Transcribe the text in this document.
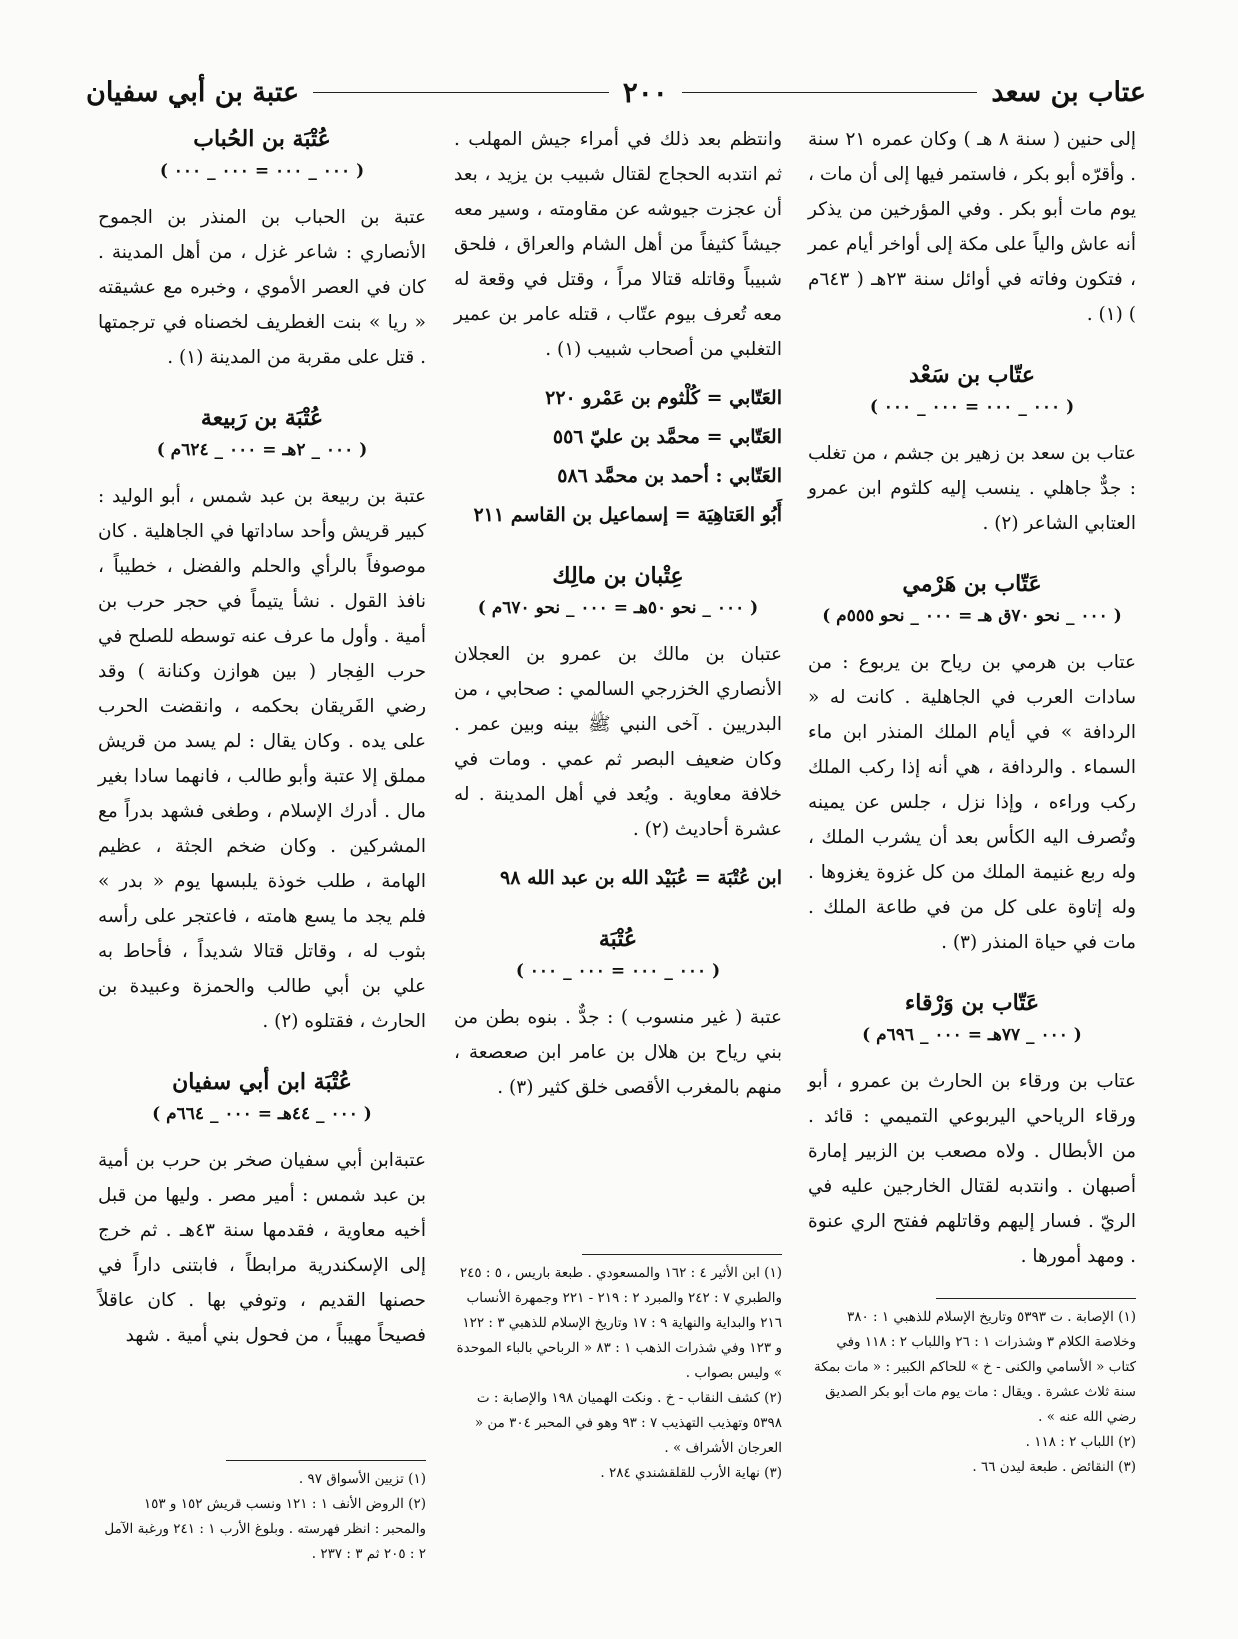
عتاب بن سعد
٢٠٠
عتبة بن أبي سفيان

إلى حنين ( سنة ٨ هـ ) وكان عمره ٢١ سنة . وأقرّه أبو بكر ، فاستمر فيها إلى أن مات ، يوم مات أبو بكر . وفي المؤرخين من يذكر أنه عاش والياً على مكة إلى أواخر أيام عمر ، فتكون وفاته في أوائل سنة ٢٣هـ ( ٦٤٣م ) (١) .

عتّاب بن سَعْد
( ٠٠٠ _ ٠٠٠ = ٠٠٠ _ ٠٠٠ )

عتاب بن سعد بن زهير بن جشم ، من تغلب : جدٌّ جاهلي . ينسب إليه كلثوم ابن عمرو العتابي الشاعر (٢) .

عَتّاب بن هَرْمي
( ٠٠٠ _ نحو ٧٠ق هـ = ٠٠٠ _ نحو ٥٥٥م )

عتاب بن هرمي بن رياح بن يربوع : من سادات العرب في الجاهلية . كانت له « الردافة » في أيام الملك المنذر ابن ماء السماء . والردافة ، هي أنه إذا ركب الملك ركب وراءه ، وإذا نزل ، جلس عن يمينه وتُصرف اليه الكأس بعد أن يشرب الملك ، وله ربع غنيمة الملك من كل غزوة يغزوها . وله إتاوة على كل من في طاعة الملك . مات في حياة المنذر (٣) .

عَتّاب بن وَرْقاء
( ٠٠٠ _ ٧٧هـ = ٠٠٠ _ ٦٩٦م )

عتاب بن ورقاء بن الحارث بن عمرو ، أبو ورقاء الرياحي اليربوعي التميمي : قائد . من الأبطال . ولاه مصعب بن الزبير إمارة أصبهان . وانتدبه لقتال الخارجين عليه في الريّ . فسار إليهم وقاتلهم ففتح الري عنوة . ومهد أمورها .

وانتظم بعد ذلك في أمراء جيش المهلب . ثم انتدبه الحجاج لقتال شبيب بن يزيد ، بعد أن عجزت جيوشه عن مقاومته ، وسير معه جيشاً كثيفاً من أهل الشام والعراق ، فلحق شبيباً وقاتله قتالا مراً ، وقتل في وقعة له معه تُعرف بيوم عتّاب ، قتله عامر بن عمير التغلبي من أصحاب شبيب (١) .

العَتّابي = كُلْثوم بن عَمْرو ٢٢٠

العَتّابي = محمَّد بن عليّ ٥٥٦

العَتّابي : أحمد بن محمَّد ٥٨٦

أَبُو العَتاهِيَة = إسماعيل بن القاسم ٢١١

عِتْبان بن مالِك
( ٠٠٠ _ نحو ٥٠هـ = ٠٠٠ _ نحو ٦٧٠م )

عتبان بن مالك بن عمرو بن العجلان الأنصاري الخزرجي السالمي : صحابي ، من البدريين . آخى النبي ﷺ بينه وبين عمر . وكان ضعيف البصر ثم عمي . ومات في خلافة معاوية . ويُعد في أهل المدينة . له عشرة أحاديث (٢) .

ابن عُتْبَة = عُبَيْد الله بن عبد الله ٩٨

عُتْبَة
( ٠٠٠ _ ٠٠٠ = ٠٠٠ _ ٠٠٠ )

عتبة ( غير منسوب ) : جدٌّ . بنوه بطن من بني رياح بن هلال بن عامر ابن صعصعة ، منهم بالمغرب الأقصى خلق كثير (٣) .

عُتْبَة بن الحُباب
( ٠٠٠ _ ٠٠٠ = ٠٠٠ _ ٠٠٠ )

عتبة بن الحباب بن المنذر بن الجموح الأنصاري : شاعر غزل ، من أهل المدينة . كان في العصر الأموي ، وخبره مع عشيقته « ريا » بنت الغطريف لخصناه في ترجمتها . قتل على مقربة من المدينة (١) .

عُتْبَة بن رَبيعة
( ٠٠٠ _ ٢هـ = ٠٠٠ _ ٦٢٤م )

عتبة بن ربيعة بن عبد شمس ، أبو الوليد : كبير قريش وأحد ساداتها في الجاهلية . كان موصوفاً بالرأي والحلم والفضل ، خطيباً ، نافذ القول . نشأ يتيماً في حجر حرب بن أمية . وأول ما عرف عنه توسطه للصلح في حرب الفِجار ( بين هوازن وكنانة ) وقد رضي الفَريقان بحكمه ، وانقضت الحرب على يده . وكان يقال : لم يسد من قريش مملق إلا عتبة وأبو طالب ، فانهما سادا بغير مال . أدرك الإسلام ، وطغى فشهد بدراً مع المشركين . وكان ضخم الجثة ، عظيم الهامة ، طلب خوذة يلبسها يوم « بدر » فلم يجد ما يسع هامته ، فاعتجر على رأسه بثوب له ، وقاتل قتالا شديداً ، فأحاط به علي بن أبي طالب والحمزة وعبيدة بن الحارث ، فقتلوه (٢) .

عُتْبَة ابن أبي سفيان
( ٠٠٠ _ ٤٤هـ = ٠٠٠ _ ٦٦٤م )

عتبةابن أبي سفيان صخر بن حرب بن أمية بن عبد شمس : أمير مصر . وليها من قبل أخيه معاوية ، فقدمها سنة ٤٣هـ . ثم خرج إلى الإسكندرية مرابطاً ، فابتنى داراً في حصنها القديم ، وتوفي بها . كان عاقلاً فصيحاً مهيباً ، من فحول بني أمية . شهد

(١) الإصابة . ت ٥٣٩٣ وتاريخ الإسلام للذهبي ١ : ٣٨٠ وخلاصة الكلام ٣ وشذرات ١ : ٢٦ واللباب ٢ : ١١٨ وفي كتاب « الأسامي والكنى - خ » للحاكم الكبير : « مات بمكة سنة ثلاث عشرة . ويقال : مات يوم مات أبو بكر الصديق رضي الله عنه » .

(٢) اللباب ٢ : ١١٨ .

(٣) النقائض . طبعة ليدن ٦٦ .

(١) ابن الأثير ٤ : ١٦٢ والمسعودي . طبعة باريس ، ٥ : ٢٤٥ والطبري ٧ : ٢٤٢ والمبرد ٢ : ٢١٩ - ٢٢١ وجمهرة الأنساب ٢١٦ والبداية والنهاية ٩ : ١٧ وتاريخ الإسلام للذهبي ٣ : ١٢٢ و ١٢٣ وفي شذرات الذهب ١ : ٨٣ « الرباحي بالباء الموحدة » وليس بصواب .

(٢) كشف النقاب - خ . ونكت الهميان ١٩٨ والإصابة : ت ٥٣٩٨ وتهذيب التهذيب ٧ : ٩٣ وهو في المحبر ٣٠٤ من « العرجان الأشراف » .

(٣) نهاية الأرب للقلقشندي ٢٨٤ .

(١) تزيين الأسواق ٩٧ .

(٢) الروض الأنف ١ : ١٢١ ونسب قريش ١٥٢ و ١٥٣ والمحبر : انظر فهرسته . وبلوغ الأرب ١ : ٢٤١ ورغبة الآمل ٢ : ٢٠٥ ثم ٣ : ٢٣٧ .
